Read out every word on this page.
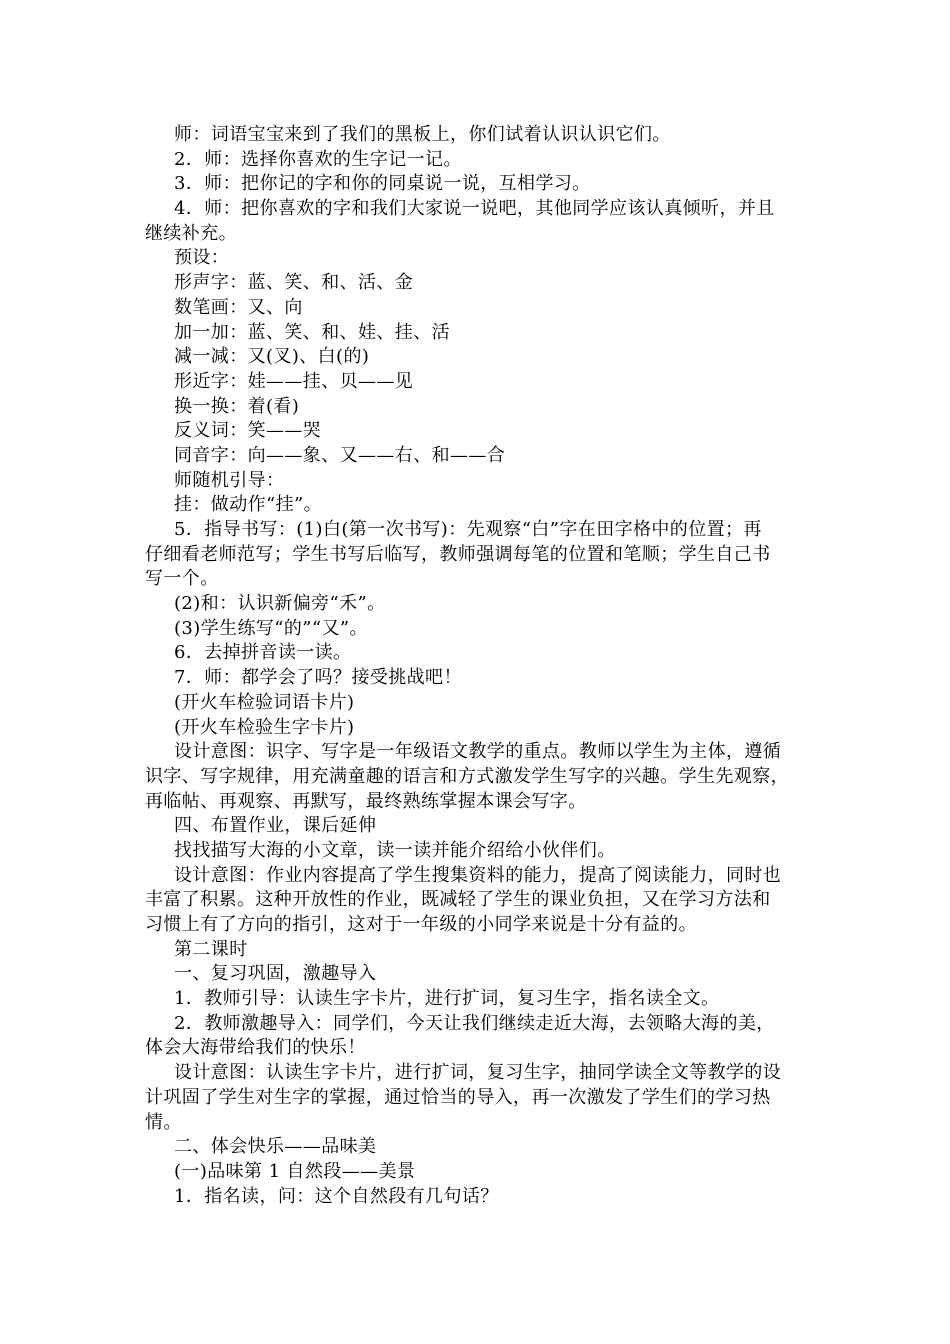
师：词语宝宝来到了我们的黑板上，你们试着认识认识它们。
2．师：选择你喜欢的生字记一记。
3．师：把你记的字和你的同桌说一说，互相学习。
4．师：把你喜欢的字和我们大家说一说吧，其他同学应该认真倾听，并且
继续补充。
预设：
形声字：蓝、笑、和、活、金
数笔画：又、向
加一加：蓝、笑、和、娃、挂、活
减一减：又(叉)、白(的)
形近字：娃——挂、贝——见
换一换：着(看)
反义词：笑——哭
同音字：向——象、又——右、和——合
师随机引导：
挂：做动作“挂”。
5．指导书写：(1)白(第一次书写)：先观察“白”字在田字格中的位置；再
仔细看老师范写；学生书写后临写，教师强调每笔的位置和笔顺；学生自己书
写一个。
(2)和：认识新偏旁“禾”。
(3)学生练写“的”“又”。
6．去掉拼音读一读。
7．师：都学会了吗？接受挑战吧！
(开火车检验词语卡片)
(开火车检验生字卡片)
设计意图：识字、写字是一年级语文教学的重点。教师以学生为主体，遵循
识字、写字规律，用充满童趣的语言和方式激发学生写字的兴趣。学生先观察，
再临帖、再观察、再默写，最终熟练掌握本课会写字。
四、布置作业，课后延伸
找找描写大海的小文章，读一读并能介绍给小伙伴们。
设计意图：作业内容提高了学生搜集资料的能力，提高了阅读能力，同时也
丰富了积累。这种开放性的作业，既减轻了学生的课业负担，又在学习方法和
习惯上有了方向的指引，这对于一年级的小同学来说是十分有益的。
第二课时
一、复习巩固，激趣导入
1．教师引导：认读生字卡片，进行扩词，复习生字，指名读全文。
2．教师激趣导入：同学们，今天让我们继续走近大海，去领略大海的美，
体会大海带给我们的快乐！
设计意图：认读生字卡片，进行扩词，复习生字，抽同学读全文等教学的设
计巩固了学生对生字的掌握，通过恰当的导入，再一次激发了学生们的学习热
情。
二、体会快乐——品味美
(一)品味第 1 自然段——美景
1．指名读，问：这个自然段有几句话？
